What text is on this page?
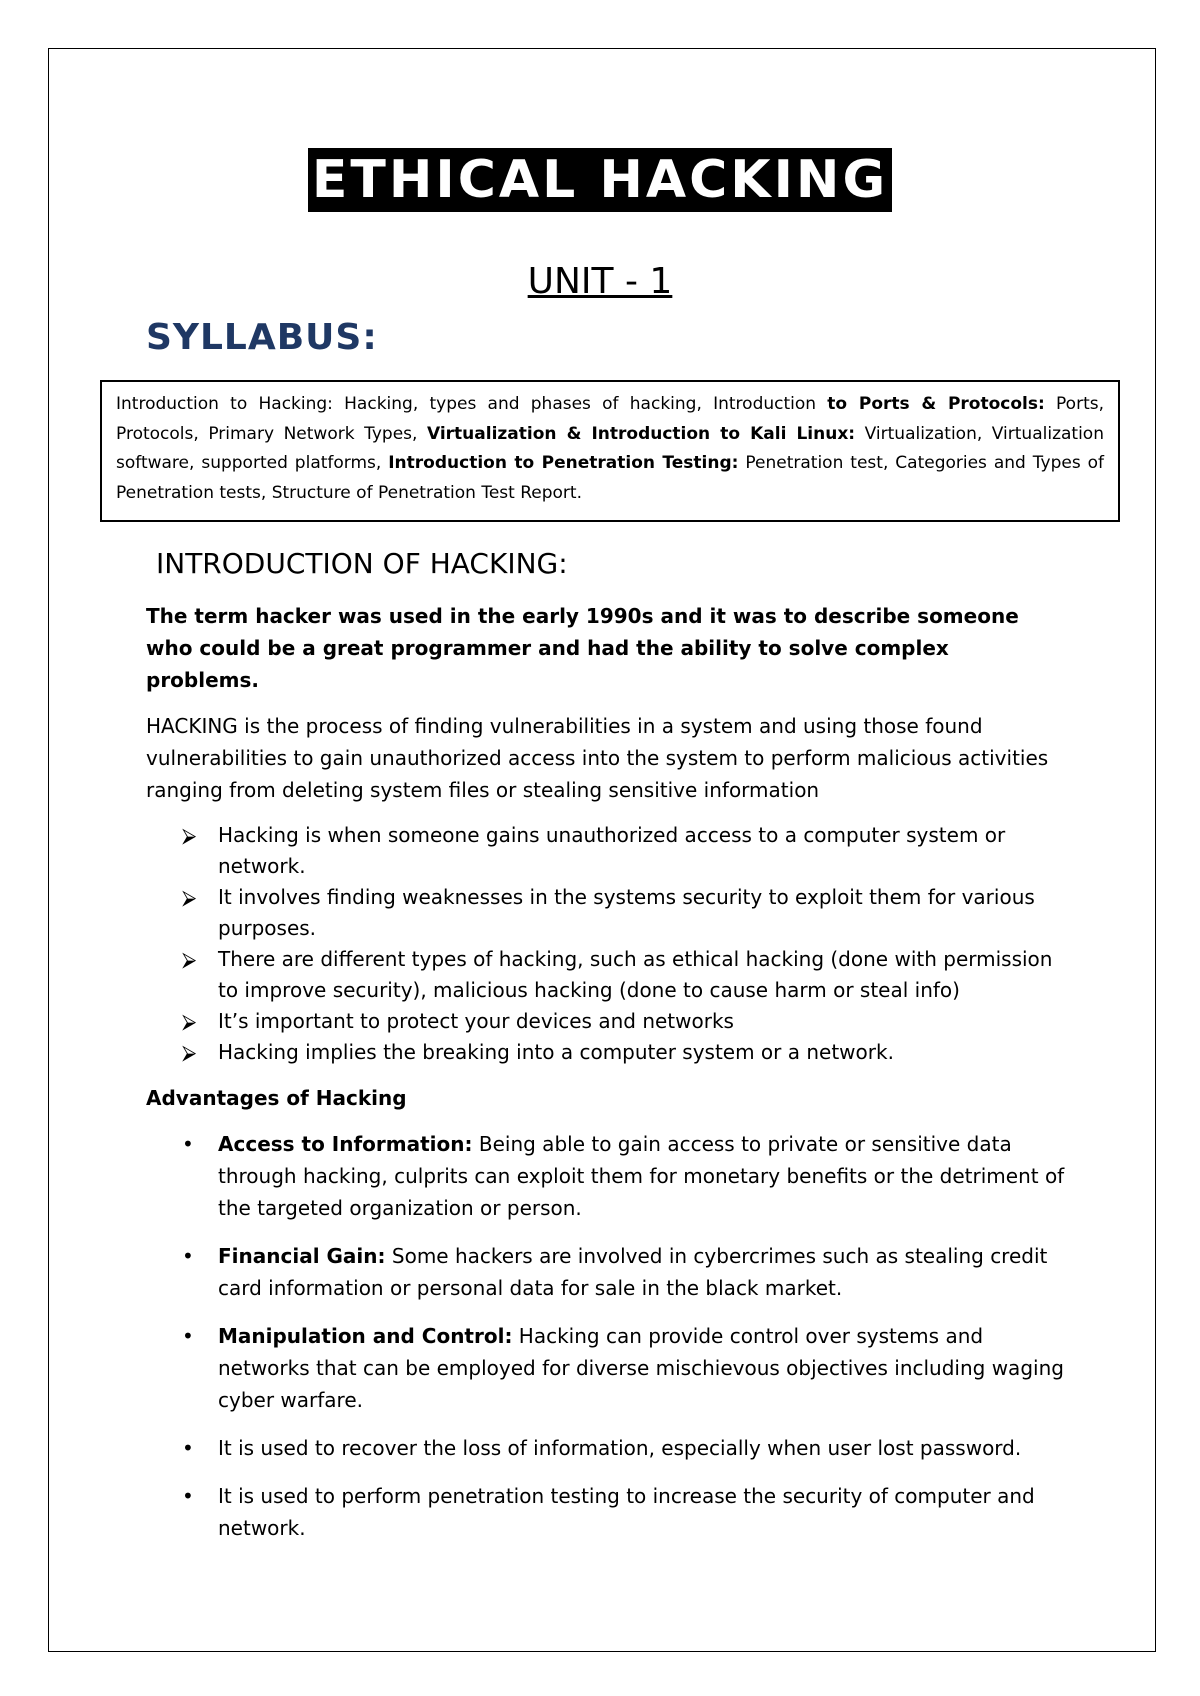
ETHICAL HACKING
UNIT - 1
SYLLABUS:
Introduction to Hacking: Hacking, types and phases of hacking, Introduction to Ports & Protocols: Ports, Protocols, Primary Network Types, Virtualization & Introduction to Kali Linux: Virtualization, Virtualization software, supported platforms, Introduction to Penetration Testing: Penetration test, Categories and Types of Penetration tests, Structure of Penetration Test Report.
INTRODUCTION OF HACKING:

The term hacker was used in the early 1990s and it was to describe someone who could be a great programmer and had the ability to solve complex problems.

HACKING is the process of finding vulnerabilities in a system and using those found vulnerabilities to gain unauthorized access into the system to perform malicious activities ranging from deleting system files or stealing sensitive information

⮚ Hacking is when someone gains unauthorized access to a computer system or network.
⮚ It involves finding weaknesses in the systems security to exploit them for various purposes.
⮚ There are different types of hacking, such as ethical hacking (done with permission to improve security), malicious hacking (done to cause harm or steal info)
⮚ It’s important to protect your devices and networks
⮚ Hacking implies the breaking into a computer system or a network.

Advantages of Hacking

• Access to Information: Being able to gain access to private or sensitive data through hacking, culprits can exploit them for monetary benefits or the detriment of the targeted organization or person.
• Financial Gain: Some hackers are involved in cybercrimes such as stealing credit card information or personal data for sale in the black market.
• Manipulation and Control: Hacking can provide control over systems and networks that can be employed for diverse mischievous objectives including waging cyber warfare.
• It is used to recover the loss of information, especially when user lost password.
• It is used to perform penetration testing to increase the security of computer and network.
